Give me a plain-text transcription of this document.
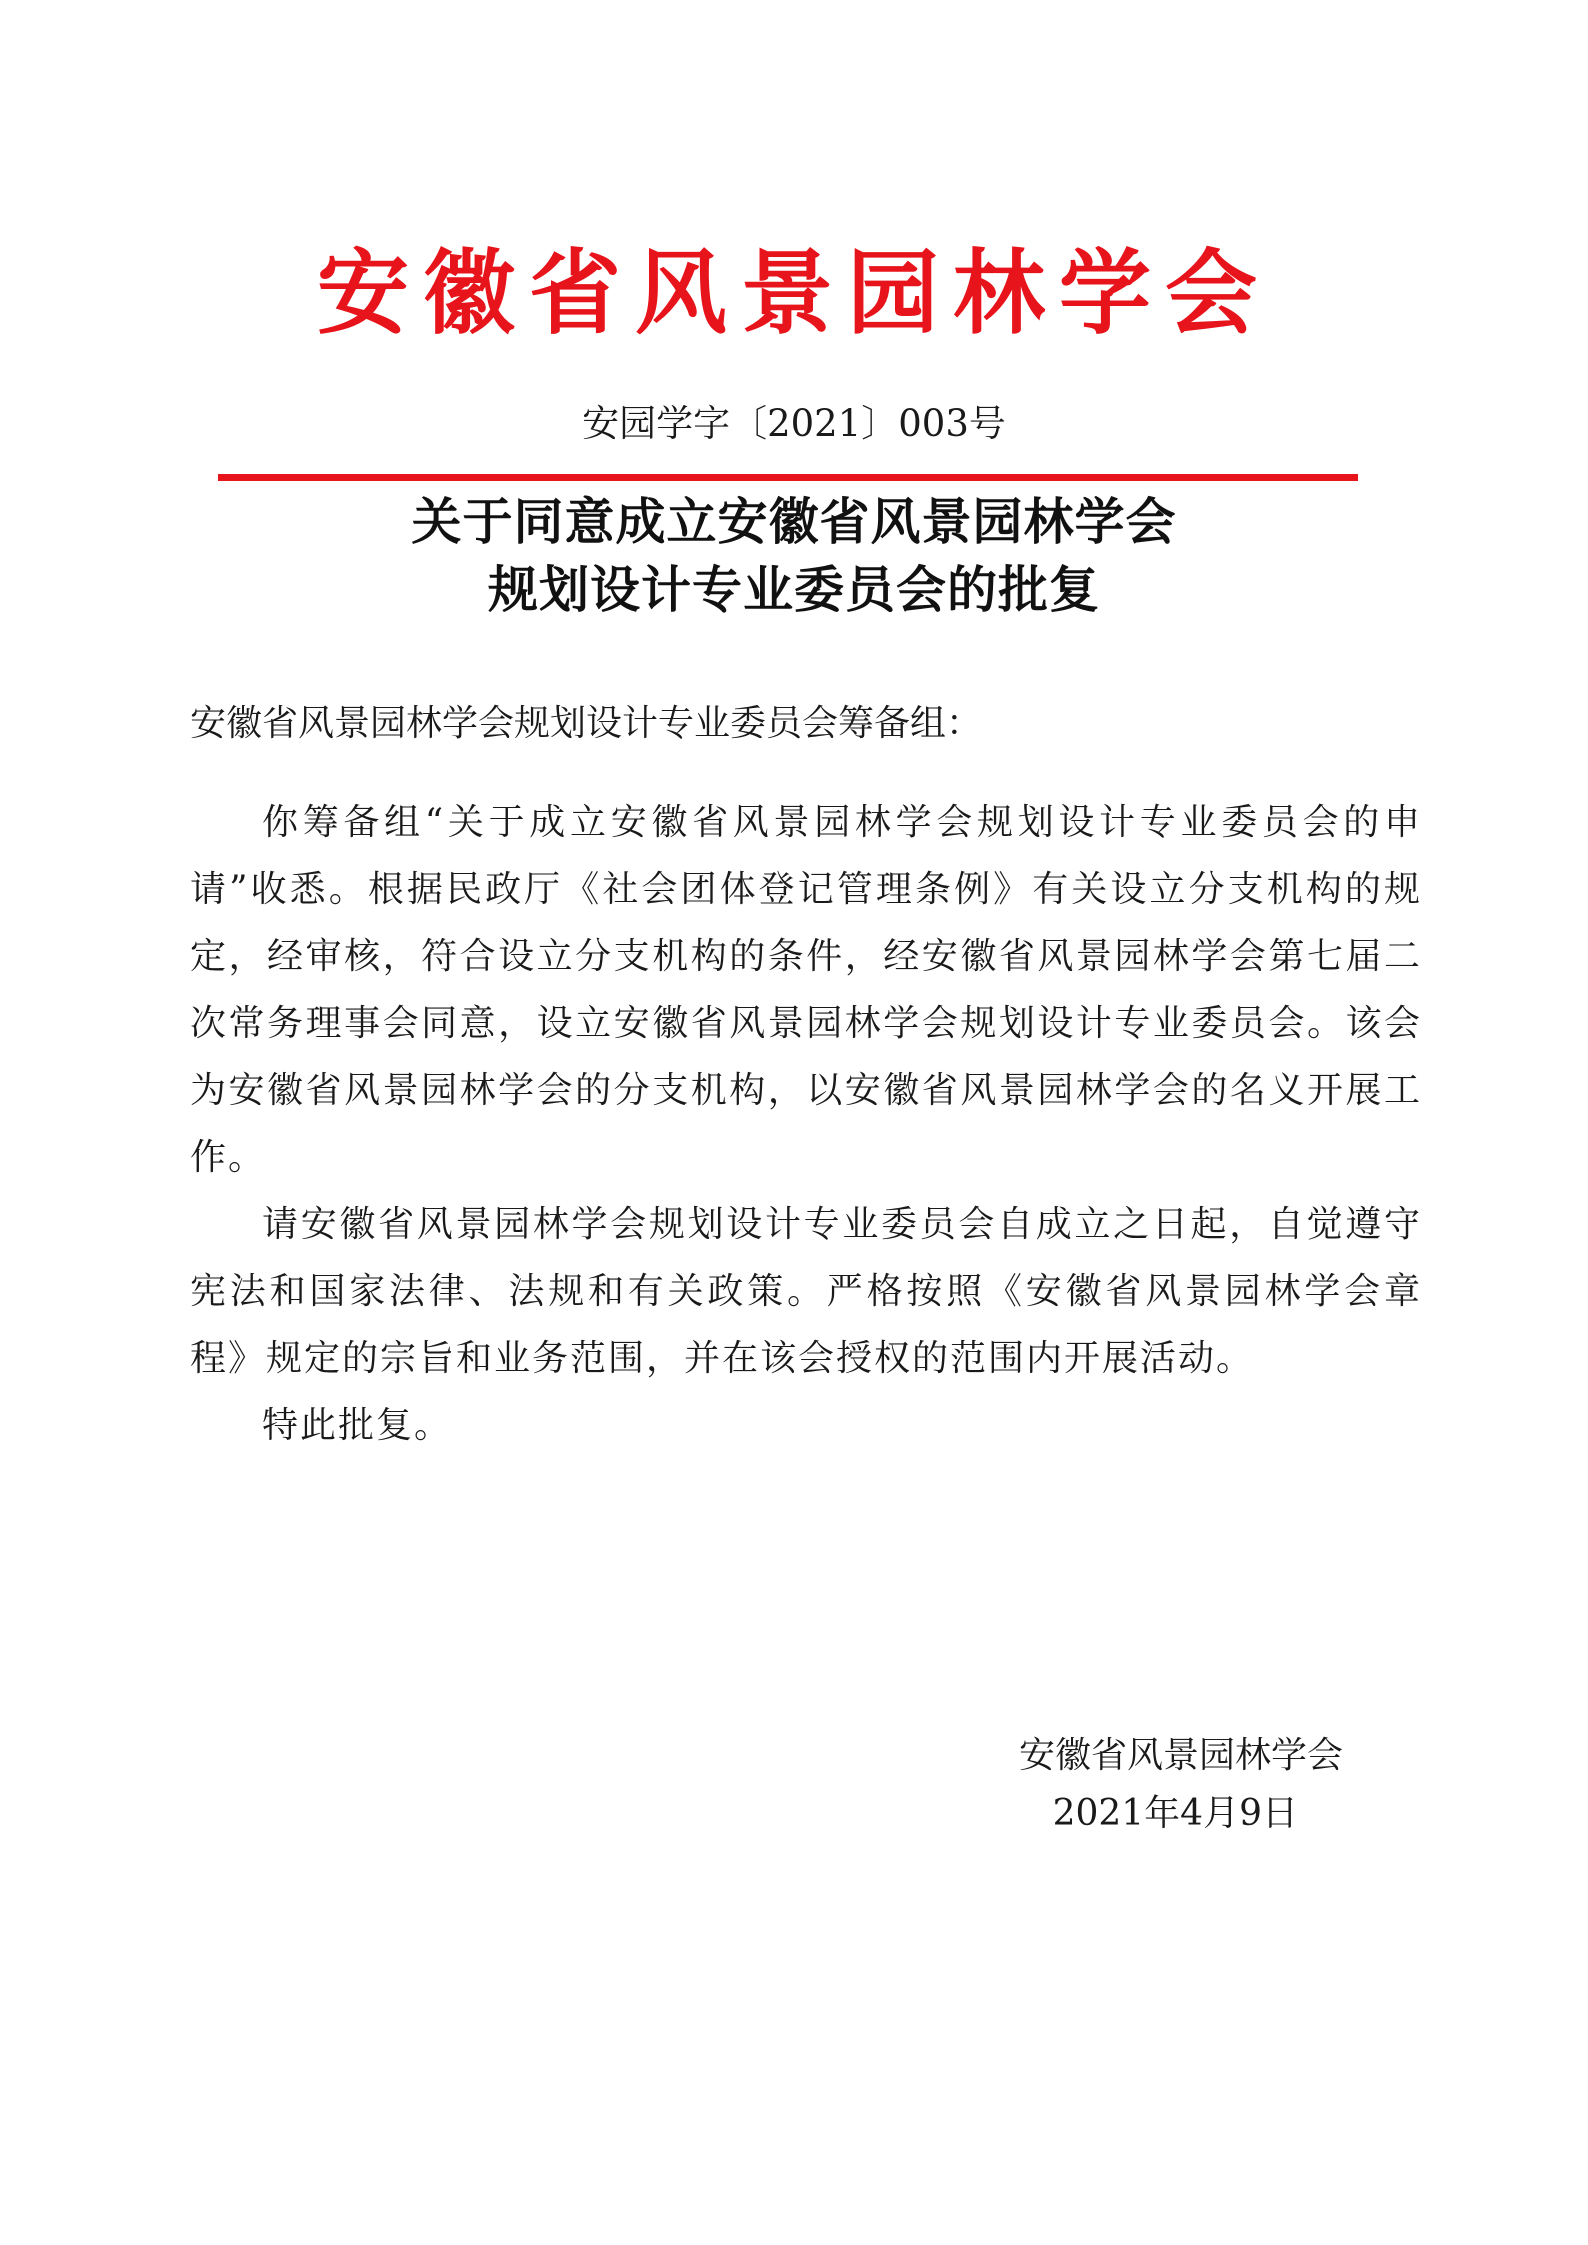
安徽省风景园林学会
安园学字〔2021〕003号
关于同意成立安徽省风景园林学会
规划设计专业委员会的批复
安徽省风景园林学会规划设计专业委员会筹备组：

你筹备组“关于成立安徽省风景园林学会规划设计专业委员会的申请”收悉。根据民政厅《社会团体登记管理条例》有关设立分支机构的规定，经审核，符合设立分支机构的条件，经安徽省风景园林学会第七届二次常务理事会同意，设立安徽省风景园林学会规划设计专业委员会。该会为安徽省风景园林学会的分支机构，以安徽省风景园林学会的名义开展工作。

请安徽省风景园林学会规划设计专业委员会自成立之日起，自觉遵守宪法和国家法律、法规和有关政策。严格按照《安徽省风景园林学会章程》规定的宗旨和业务范围，并在该会授权的范围内开展活动。

特此批复。

安徽省风景园林学会
2021年4月9日
